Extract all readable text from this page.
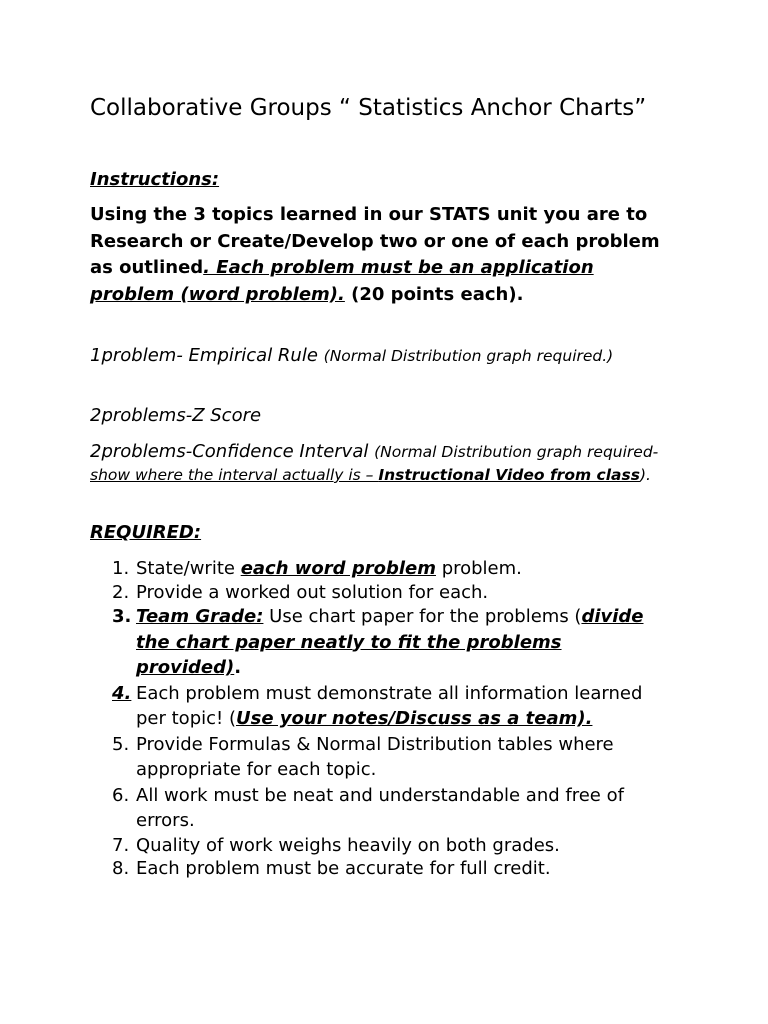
Collaborative Groups “ Statistics Anchor Charts”

Instructions:

Using the 3 topics learned in our STATS unit you are to Research or Create/Develop two or one of each problem as outlined. Each problem must be an application problem (word problem). (20 points each).

1problem- Empirical Rule (Normal Distribution graph required.)

2problems-Z Score

2problems-Confidence Interval (Normal Distribution graph required-show where the interval actually is – Instructional Video from class).

REQUIRED:

1. State/write each word problem problem.
2. Provide a worked out solution for each.
3. Team Grade: Use chart paper for the problems (divide the chart paper neatly to fit the problems provided).
4. Each problem must demonstrate all information learned per topic! (Use your notes/Discuss as a team).
5. Provide Formulas & Normal Distribution tables where appropriate for each topic.
6. All work must be neat and understandable and free of errors.
7. Quality of work weighs heavily on both grades.
8. Each problem must be accurate for full credit.
